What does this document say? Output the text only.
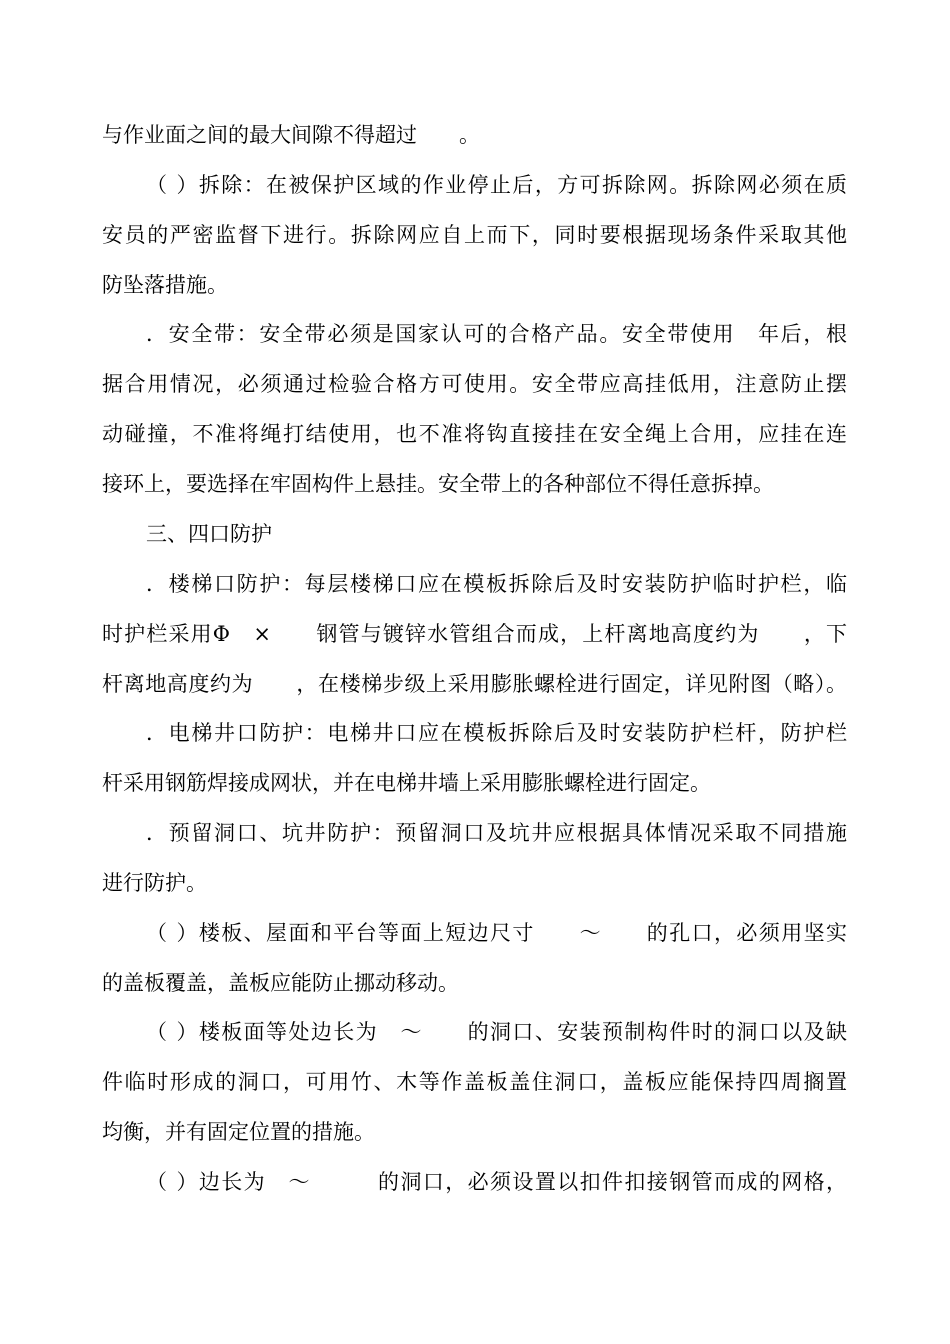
与作业面之间的最大间隙不得超过　　。
（ ）拆除：在被保护区域的作业停止后，方可拆除网。拆除网必须在质
安员的严密监督下进行。拆除网应自上而下，同时要根据现场条件采取其他
防坠落措施。
．安全带：安全带必须是国家认可的合格产品。安全带使用　年后，根
据合用情况，必须通过检验合格方可使用。安全带应高挂低用，注意防止摆
动碰撞，不准将绳打结使用，也不准将钩直接挂在安全绳上合用，应挂在连
接环上，要选择在牢固构件上悬挂。安全带上的各种部位不得任意拆掉。
三、四口防护
．楼梯口防护：每层楼梯口应在模板拆除后及时安装防护临时护栏，临
时护栏采用Φ　×　　钢管与镀锌水管组合而成，上杆离地高度约为　　，下
杆离地高度约为　　，在楼梯步级上采用膨胀螺栓进行固定，详见附图（略）。
．电梯井口防护：电梯井口应在模板拆除后及时安装防护栏杆，防护栏
杆采用钢筋焊接成网状，并在电梯井墙上采用膨胀螺栓进行固定。
．预留洞口、坑井防护：预留洞口及坑井应根据具体情况采取不同措施
进行防护。
（ ）楼板、屋面和平台等面上短边尺寸　　～　　的孔口，必须用坚实
的盖板覆盖，盖板应能防止挪动移动。
（ ）楼板面等处边长为　～　　的洞口、安装预制构件时的洞口以及缺
件临时形成的洞口，可用竹、木等作盖板盖住洞口，盖板应能保持四周搁置
均衡，并有固定位置的措施。
（ ）边长为　～　　　的洞口，必须设置以扣件扣接钢管而成的网格，
